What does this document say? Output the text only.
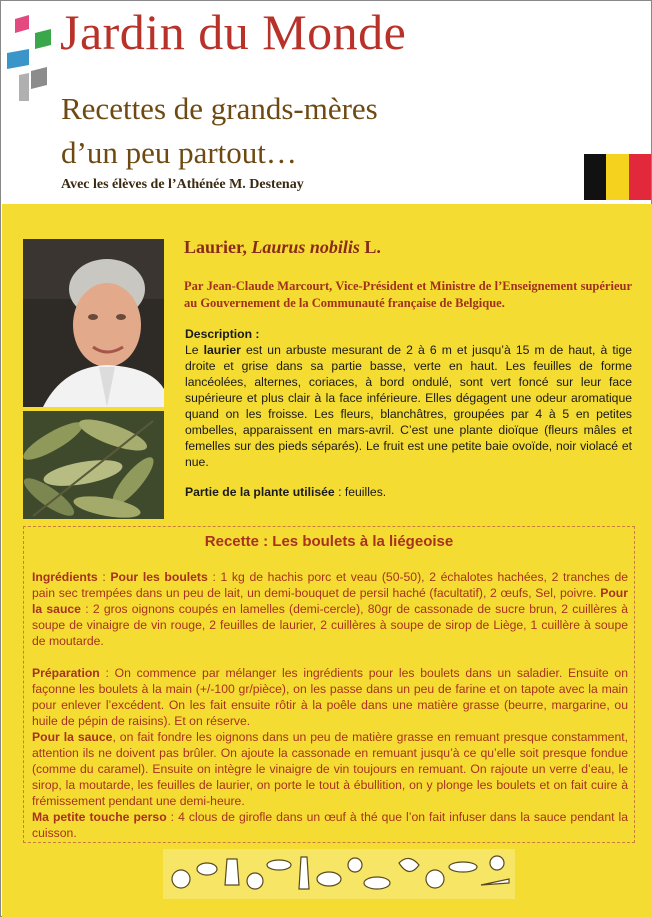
Jardin du Monde
Recettes de grands-mères
d’un peu partout…
Avec les élèves de l’Athénée M. Destenay
Laurier, Laurus nobilis L.
Par Jean-Claude Marcourt, Vice-Président et Ministre de l’Enseignement supérieur au Gouvernement de la Communauté française de Belgique.
Description :
Le laurier est un arbuste mesurant de 2 à 6 m et jusqu’à 15 m de haut, à tige droite et grise dans sa partie basse, verte en haut. Les feuilles de forme lancéolées, alternes, coriaces, à bord ondulé, sont vert foncé sur leur face supérieure et plus clair à la face inférieure. Elles dégagent une odeur aromatique quand on les froisse. Les fleurs, blanchâtres, groupées par 4 à 5 en petites ombelles, apparaissent en mars-avril. C’est une plante dioïque (fleurs mâles et femelles sur des pieds séparés). Le fruit est une petite baie ovoïde, noir violacé et nue.
Partie de la plante utilisée : feuilles.
Recette : Les boulets à la liégeoise

Ingrédients : Pour les boulets : 1 kg de hachis porc et veau (50-50), 2 échalotes hachées, 2 tranches de pain sec trempées dans un peu de lait, un demi-bouquet de persil haché (facultatif), 2 œufs, Sel, poivre. Pour la sauce : 2 gros oignons coupés en lamelles (demi-cercle), 80gr de cassonade de sucre brun, 2 cuillères à soupe de vinaigre de vin rouge, 2 feuilles de laurier, 2 cuillères à soupe de sirop de Liège, 1 cuillère à soupe de moutarde.

Préparation : On commence par mélanger les ingrédients pour les boulets dans un saladier. Ensuite on façonne les boulets à la main (+/-100 gr/pièce), on les passe dans un peu de farine et on tapote avec la main pour enlever l’excédent. On les fait ensuite rôtir à la poêle dans une matière grasse (beurre, margarine, ou huile de pépin de raisins). Et on réserve.

Pour la sauce, on fait fondre les oignons dans un peu de matière grasse en remuant presque constamment, attention ils ne doivent pas brûler. On ajoute la cassonade en remuant jusqu’à ce qu’elle soit presque fondue (comme du caramel). Ensuite on intègre le vinaigre de vin toujours en remuant. On rajoute un verre d’eau, le sirop, la moutarde, les feuilles de laurier, on porte le tout à ébullition, on y plonge les boulets et on fait cuire à frémissement pendant une demi-heure.

Ma petite touche perso : 4 clous de girofle dans un œuf à thé que l’on fait infuser dans la sauce pendant la cuisson.
